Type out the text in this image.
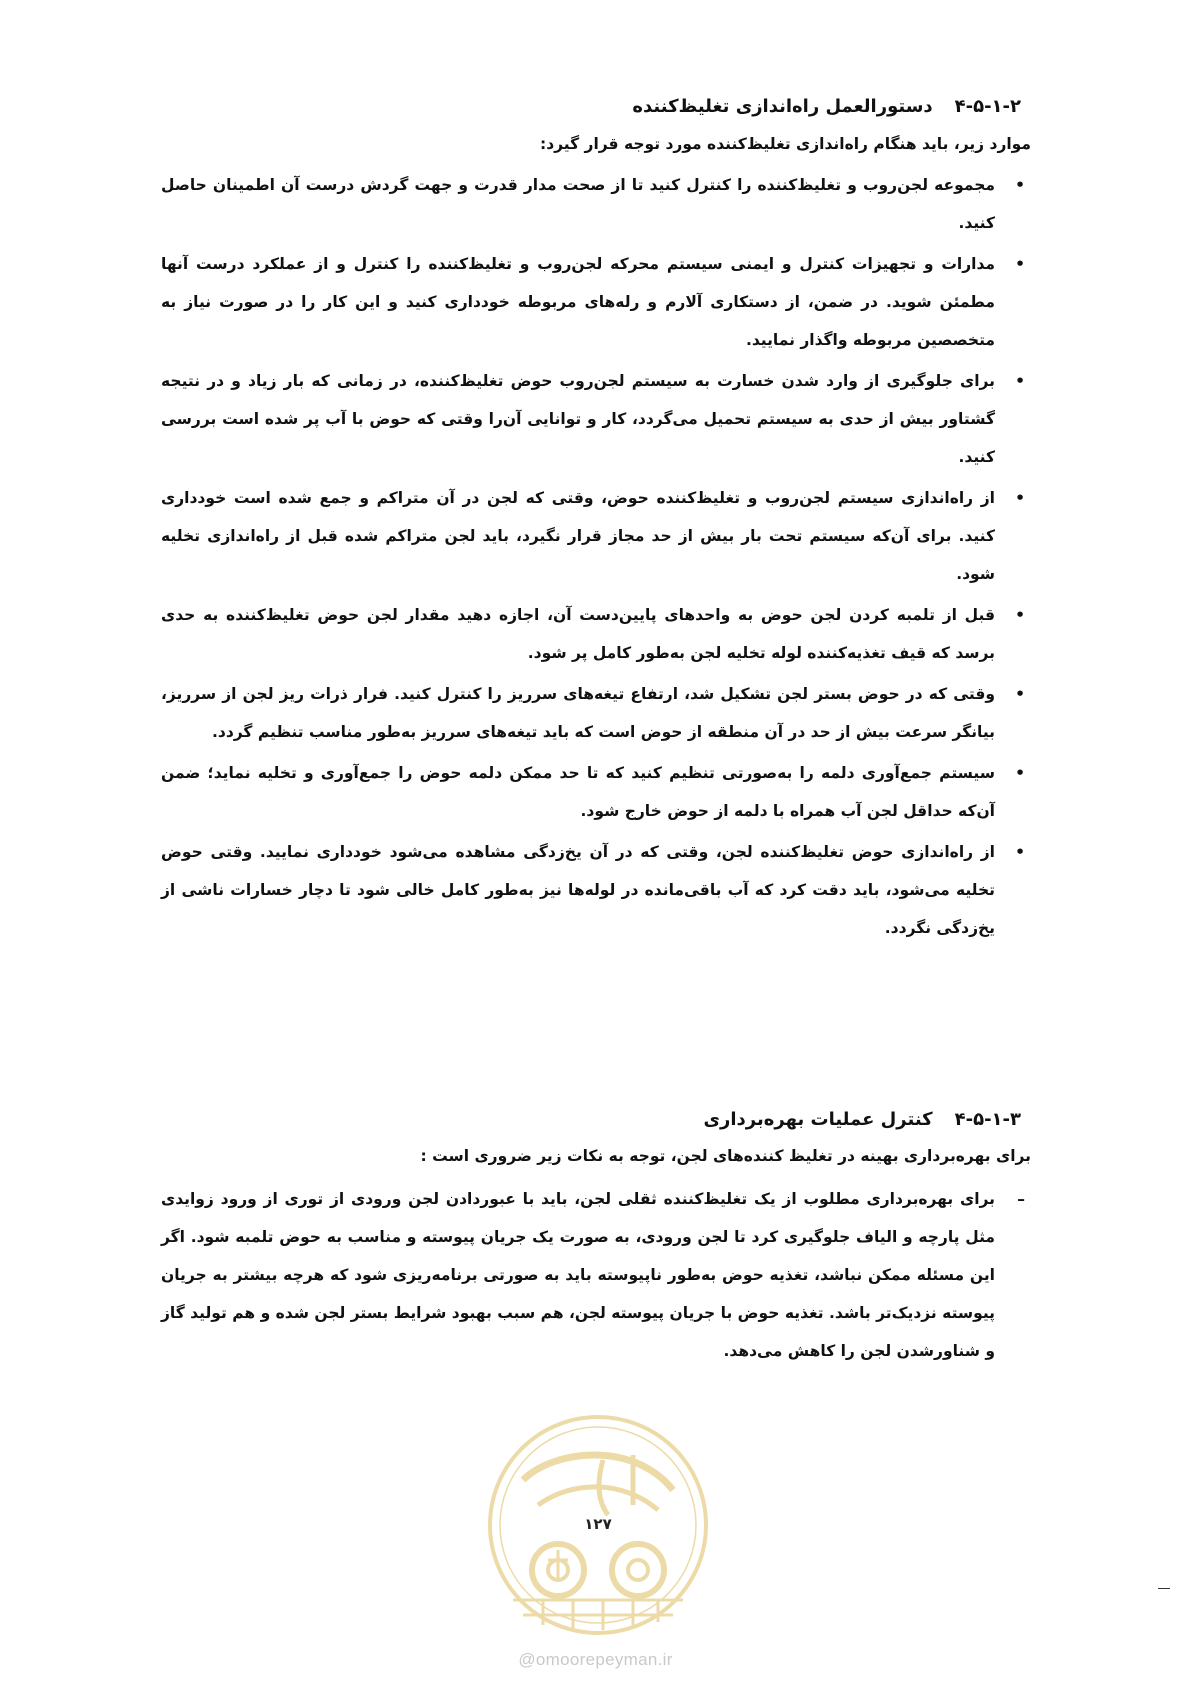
۴-۵-۱-۲دستورالعمل راه‌اندازی تغلیظ‌کننده
موارد زیر، باید هنگام راه‌اندازی تغلیظ‌کننده مورد توجه قرار گیرد:
•
مجموعه لجن‌روب و تغلیظ‌کننده را کنترل کنید تا از صحت مدار قدرت و جهت گردش درست آن اطمینان حاصل کنید.
•
مدارات و تجهیزات کنترل و ایمنی سیستم محرکه لجن‌روب و تغلیظ‌کننده را کنترل و از عملکرد درست آنها مطمئن شوید. در ضمن، از دستکاری آلارم و رله‌های مربوطه خودداری کنید و این کار را در صورت نیاز به متخصصین مربوطه واگذار نمایید.
•
برای جلوگیری از وارد شدن خسارت به سیستم لجن‌روب حوض تغلیظ‌کننده، در زمانی که بار زیاد و در نتیجه گشتاور بیش از حدی به سیستم تحمیل می‌گردد، کار و توانایی آن‌را وقتی که حوض با آب پر شده است بررسی کنید.
•
از راه‌اندازی سیستم لجن‌روب و تغلیظ‌کننده حوض، وقتی که لجن در آن متراکم و جمع شده است خودداری کنید. برای آن‌که سیستم تحت بار بیش از حد مجاز قرار نگیرد، باید لجن متراکم شده قبل از راه‌اندازی تخلیه شود.
•
قبل از تلمبه کردن لجن حوض به واحدهای پایین‌دست آن، اجازه دهید مقدار لجن حوض تغلیظ‌کننده به حدی برسد که قیف تغذیه‌کننده لوله تخلیه لجن به‌طور کامل پر شود.
•
وقتی که در حوض بستر لجن تشکیل شد، ارتفاع تیغه‌های سرریز را کنترل کنید. فرار ذرات ریز لجن از سرریز، بیانگر سرعت بیش از حد در آن منطقه از حوض است که باید تیغه‌های سرریز به‌طور مناسب تنظیم گردد.
•
سیستم جمع‌آوری دلمه را به‌صورتی تنظیم کنید که تا حد ممکن دلمه حوض را جمع‌آوری و تخلیه نماید؛ ضمن آن‌که حداقل لجن آب همراه با دلمه از حوض خارج شود.
•
از راه‌اندازی حوض تغلیظ‌کننده لجن، وقتی که در آن یخ‌زدگی مشاهده می‌شود خودداری نمایید. وقتی حوض تخلیه می‌شود، باید دقت کرد که آب باقی‌مانده در لوله‌ها نیز به‌طور کامل خالی شود تا دچار خسارات ناشی از یخ‌زدگی نگردد.
۴-۵-۱-۳کنترل عملیات بهره‌برداری
برای بهره‌برداری بهینه در تغلیظ کننده‌های لجن، توجه به نکات زیر ضروری است :
–
برای بهره‌برداری مطلوب از یک تغلیظ‌کننده ثقلی لجن، باید با عبوردادن لجن ورودی از توری از ورود زوایدی مثل پارچه و الیاف جلوگیری کرد تا لجن ورودی، به صورت یک جریان پیوسته و مناسب به حوض تلمبه شود. اگر این مسئله ممکن نباشد، تغذیه حوض به‌طور ناپیوسته باید به صورتی برنامه‌ریزی شود که هرچه بیشتر به جریان پیوسته نزدیک‌تر باشد. تغذیه حوض با جریان پیوسته لجن، هم سبب بهبود شرایط بستر لجن شده و هم تولید گاز و شناورشدن لجن را کاهش می‌دهد.
۱۲۷
@omoorepeyman.ir
